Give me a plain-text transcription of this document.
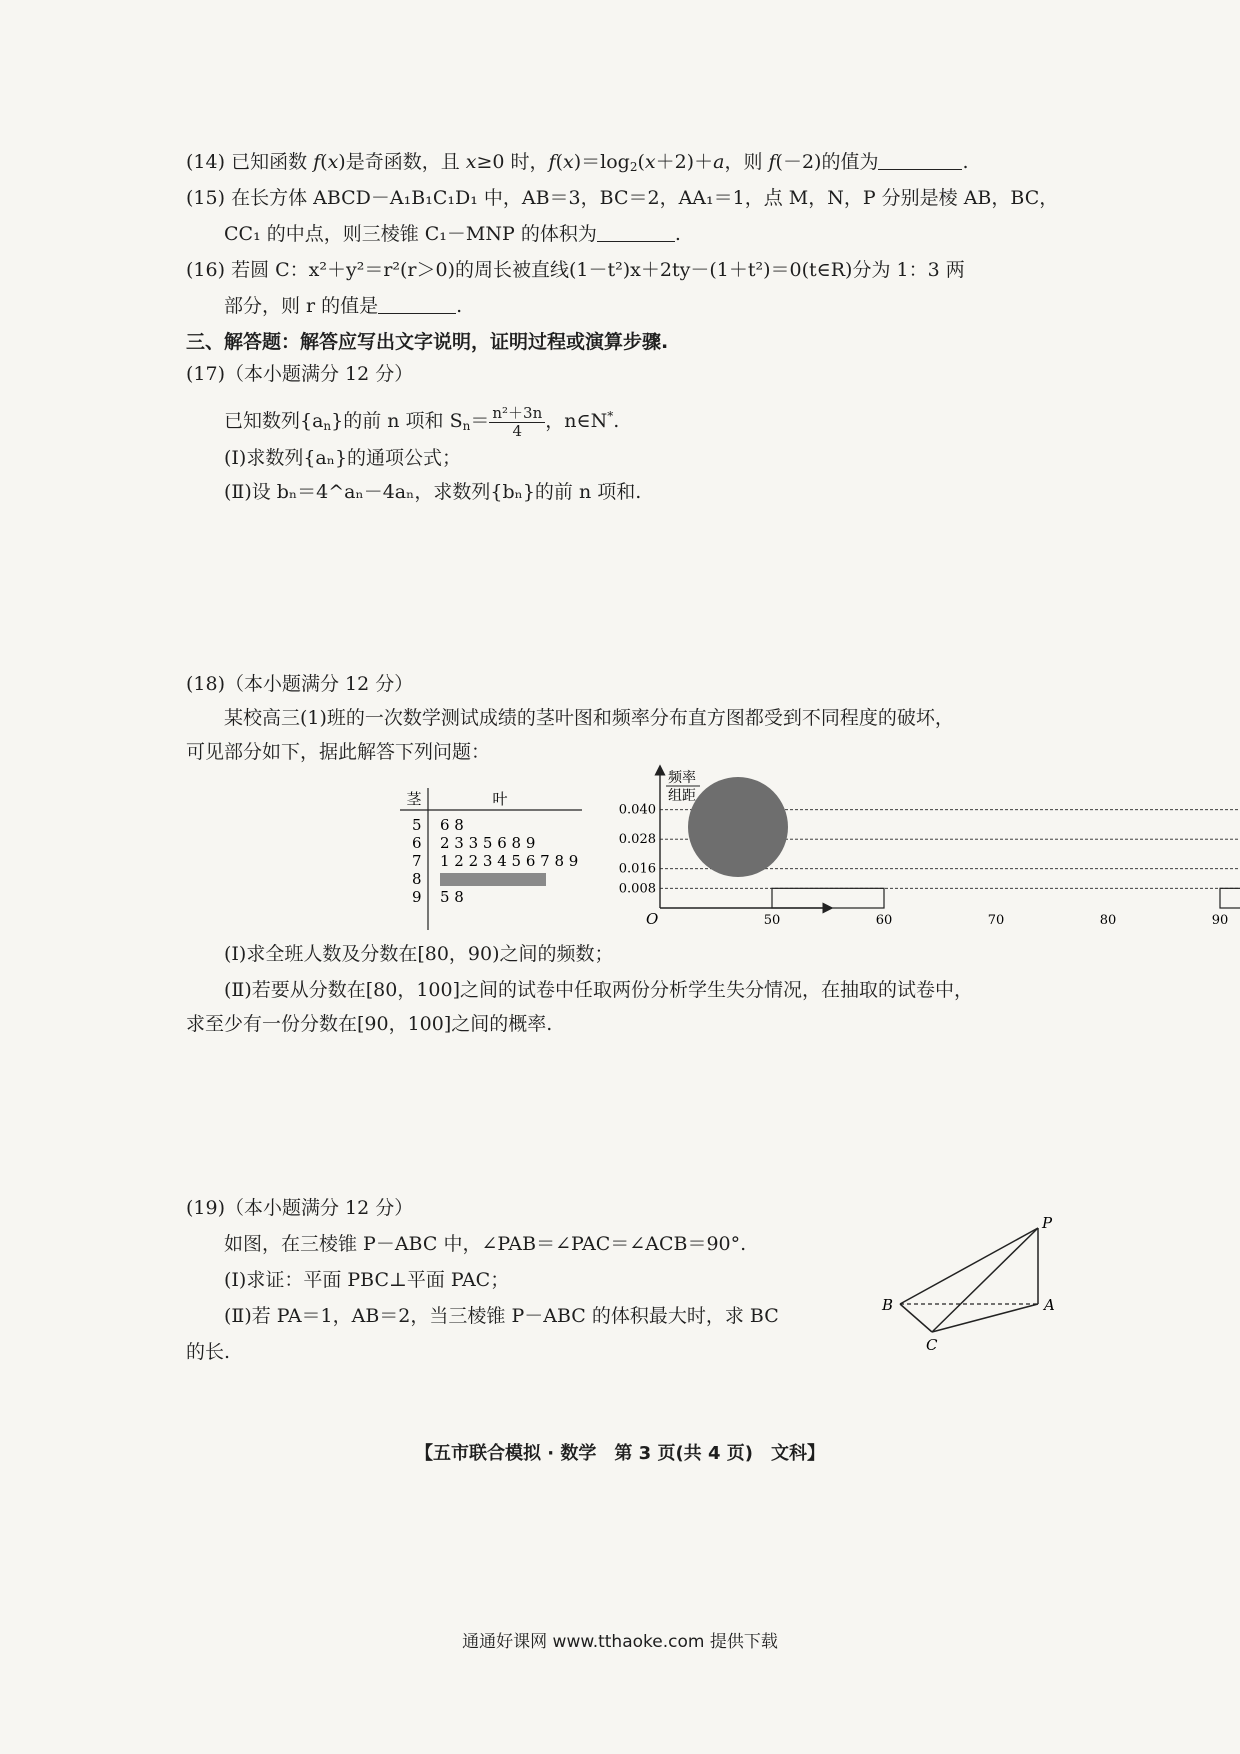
(14) 已知函数 f(x)是奇函数，且 x≥0 时，$f(x)=\log_2(x+2)+a$，则 f(－2)的值为	.
(15) 在长方体 ABCD－A₁B₁C₁D₁ 中，AB＝3，BC＝2，AA₁＝1，点 M，N，P 分别是棱 AB，BC，
CC₁ 的中点，则三棱锥 C₁－MNP 的体积为	.
(16) 若圆 C：x²＋y²＝r²(r＞0)的周长被直线(1－t²)x＋2ty－(1＋t²)＝0(t∈R)分为 1：3 两
部分，则 r 的值是	.
三、解答题：解答应写出文字说明，证明过程或演算步骤.
(17)（本小题满分 12 分）
已知数列$\{a_n\}$的前 n 项和 $S_n= \frac{\text{n²＋3n}}{4}$ ，n∈N*.
(Ⅰ)求数列{aₙ}的通项公式；
(Ⅱ)设 bₙ＝4^aₙ－4aₙ，求数列{bₙ}的前 n 项和.
(18)（本小题满分 12 分）
某校高三(1)班的一次数学测试成绩的茎叶图和频率分布直方图都受到不同程度的破坏，
可见部分如下，据此解答下列问题：
茎	叶
5 6 8
6 2 3 3 5 6 8 9
7 1 2 2 3 4 5 6 7 8 9
8
9 5 8
频率
组距
0.040
0.028
0.016
0.008
50	60	70	80	90
O
(Ⅰ)求全班人数及分数在[80，90)之间的频数；
(Ⅱ)若要从分数在[80，100]之间的试卷中任取两份分析学生失分情况，在抽取的试卷中，
求至少有一份分数在[90，100]之间的概率.
(19)（本小题满分 12 分）
如图，在三棱锥 P－ABC 中，∠PAB＝∠PAC＝∠ACB＝90°.
(Ⅰ)求证：平面 PBC⊥平面 PAC；
(Ⅱ)若 PA＝1，AB＝2，当三棱锥 P－ABC 的体积最大时，求 BC
的长.
P
A
B
C
【五市联合模拟 · 数学　第 3 页(共 4 页)　文科】
通通好课网 www.tthaoke.com 提供下载
